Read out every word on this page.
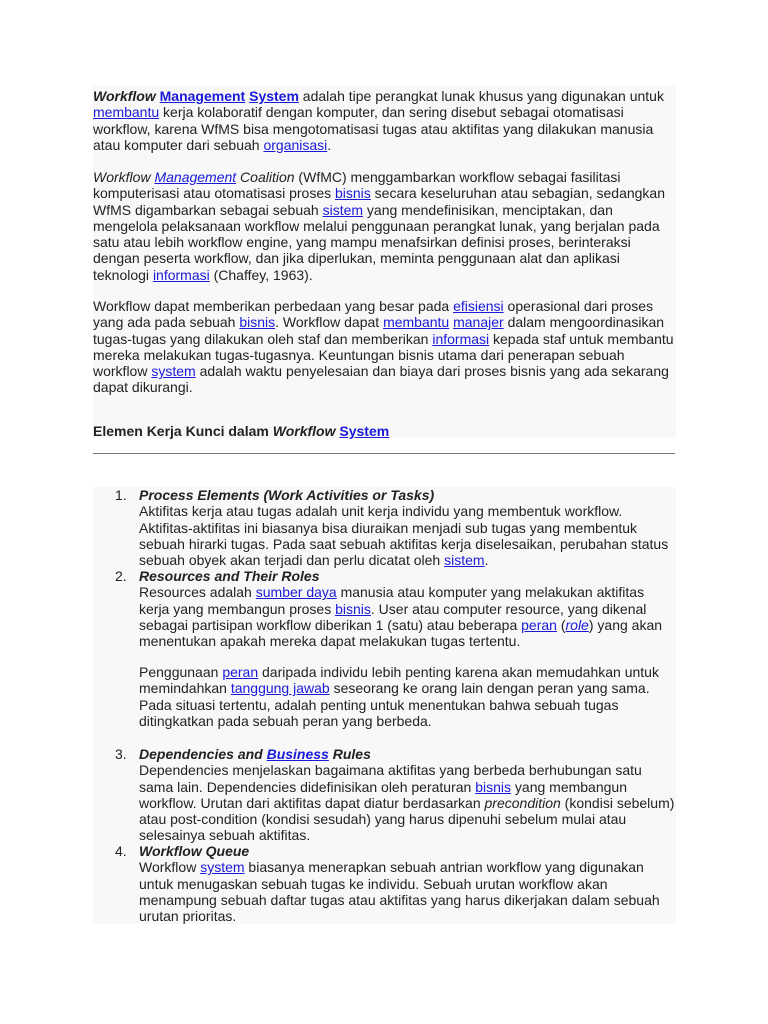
Workflow Management System adalah tipe perangkat lunak khusus yang digunakan untuk membantu kerja kolaboratif dengan komputer, dan sering disebut sebagai otomatisasi workflow, karena WfMS bisa mengotomatisasi tugas atau aktifitas yang dilakukan manusia atau komputer dari sebuah organisasi.

Workflow Management Coalition (WfMC) menggambarkan workflow sebagai fasilitasi komputerisasi atau otomatisasi proses bisnis secara keseluruhan atau sebagian, sedangkan WfMS digambarkan sebagai sebuah sistem yang mendefinisikan, menciptakan, dan mengelola pelaksanaan workflow melalui penggunaan perangkat lunak, yang berjalan pada satu atau lebih workflow engine, yang mampu menafsirkan definisi proses, berinteraksi dengan peserta workflow, dan jika diperlukan, meminta penggunaan alat dan aplikasi teknologi informasi (Chaffey, 1963).

Workflow dapat memberikan perbedaan yang besar pada efisiensi operasional dari proses yang ada pada sebuah bisnis. Workflow dapat membantu manajer dalam mengoordinasikan tugas-tugas yang dilakukan oleh staf dan memberikan informasi kepada staf untuk membantu mereka melakukan tugas-tugasnya. Keuntungan bisnis utama dari penerapan sebuah workflow system adalah waktu penyelesaian dan biaya dari proses bisnis yang ada sekarang dapat dikurangi.

Elemen Kerja Kunci dalam Workflow System

1. Process Elements (Work Activities or Tasks)
Aktifitas kerja atau tugas adalah unit kerja individu yang membentuk workflow. Aktifitas-aktifitas ini biasanya bisa diuraikan menjadi sub tugas yang membentuk sebuah hirarki tugas. Pada saat sebuah aktifitas kerja diselesaikan, perubahan status sebuah obyek akan terjadi dan perlu dicatat oleh sistem.
2. Resources and Their Roles
Resources adalah sumber daya manusia atau komputer yang melakukan aktifitas kerja yang membangun proses bisnis. User atau computer resource, yang dikenal sebagai partisipan workflow diberikan 1 (satu) atau beberapa peran (role) yang akan menentukan apakah mereka dapat melakukan tugas tertentu.
Penggunaan peran daripada individu lebih penting karena akan memudahkan untuk memindahkan tanggung jawab seseorang ke orang lain dengan peran yang sama. Pada situasi tertentu, adalah penting untuk menentukan bahwa sebuah tugas ditingkatkan pada sebuah peran yang berbeda.
3. Dependencies and Business Rules
Dependencies menjelaskan bagaimana aktifitas yang berbeda berhubungan satu sama lain. Dependencies didefinisikan oleh peraturan bisnis yang membangun workflow. Urutan dari aktifitas dapat diatur berdasarkan precondition (kondisi sebelum) atau post-condition (kondisi sesudah) yang harus dipenuhi sebelum mulai atau selesainya sebuah aktifitas.
4. Workflow Queue
Workflow system biasanya menerapkan sebuah antrian workflow yang digunakan untuk menugaskan sebuah tugas ke individu. Sebuah urutan workflow akan menampung sebuah daftar tugas atau aktifitas yang harus dikerjakan dalam sebuah urutan prioritas.
